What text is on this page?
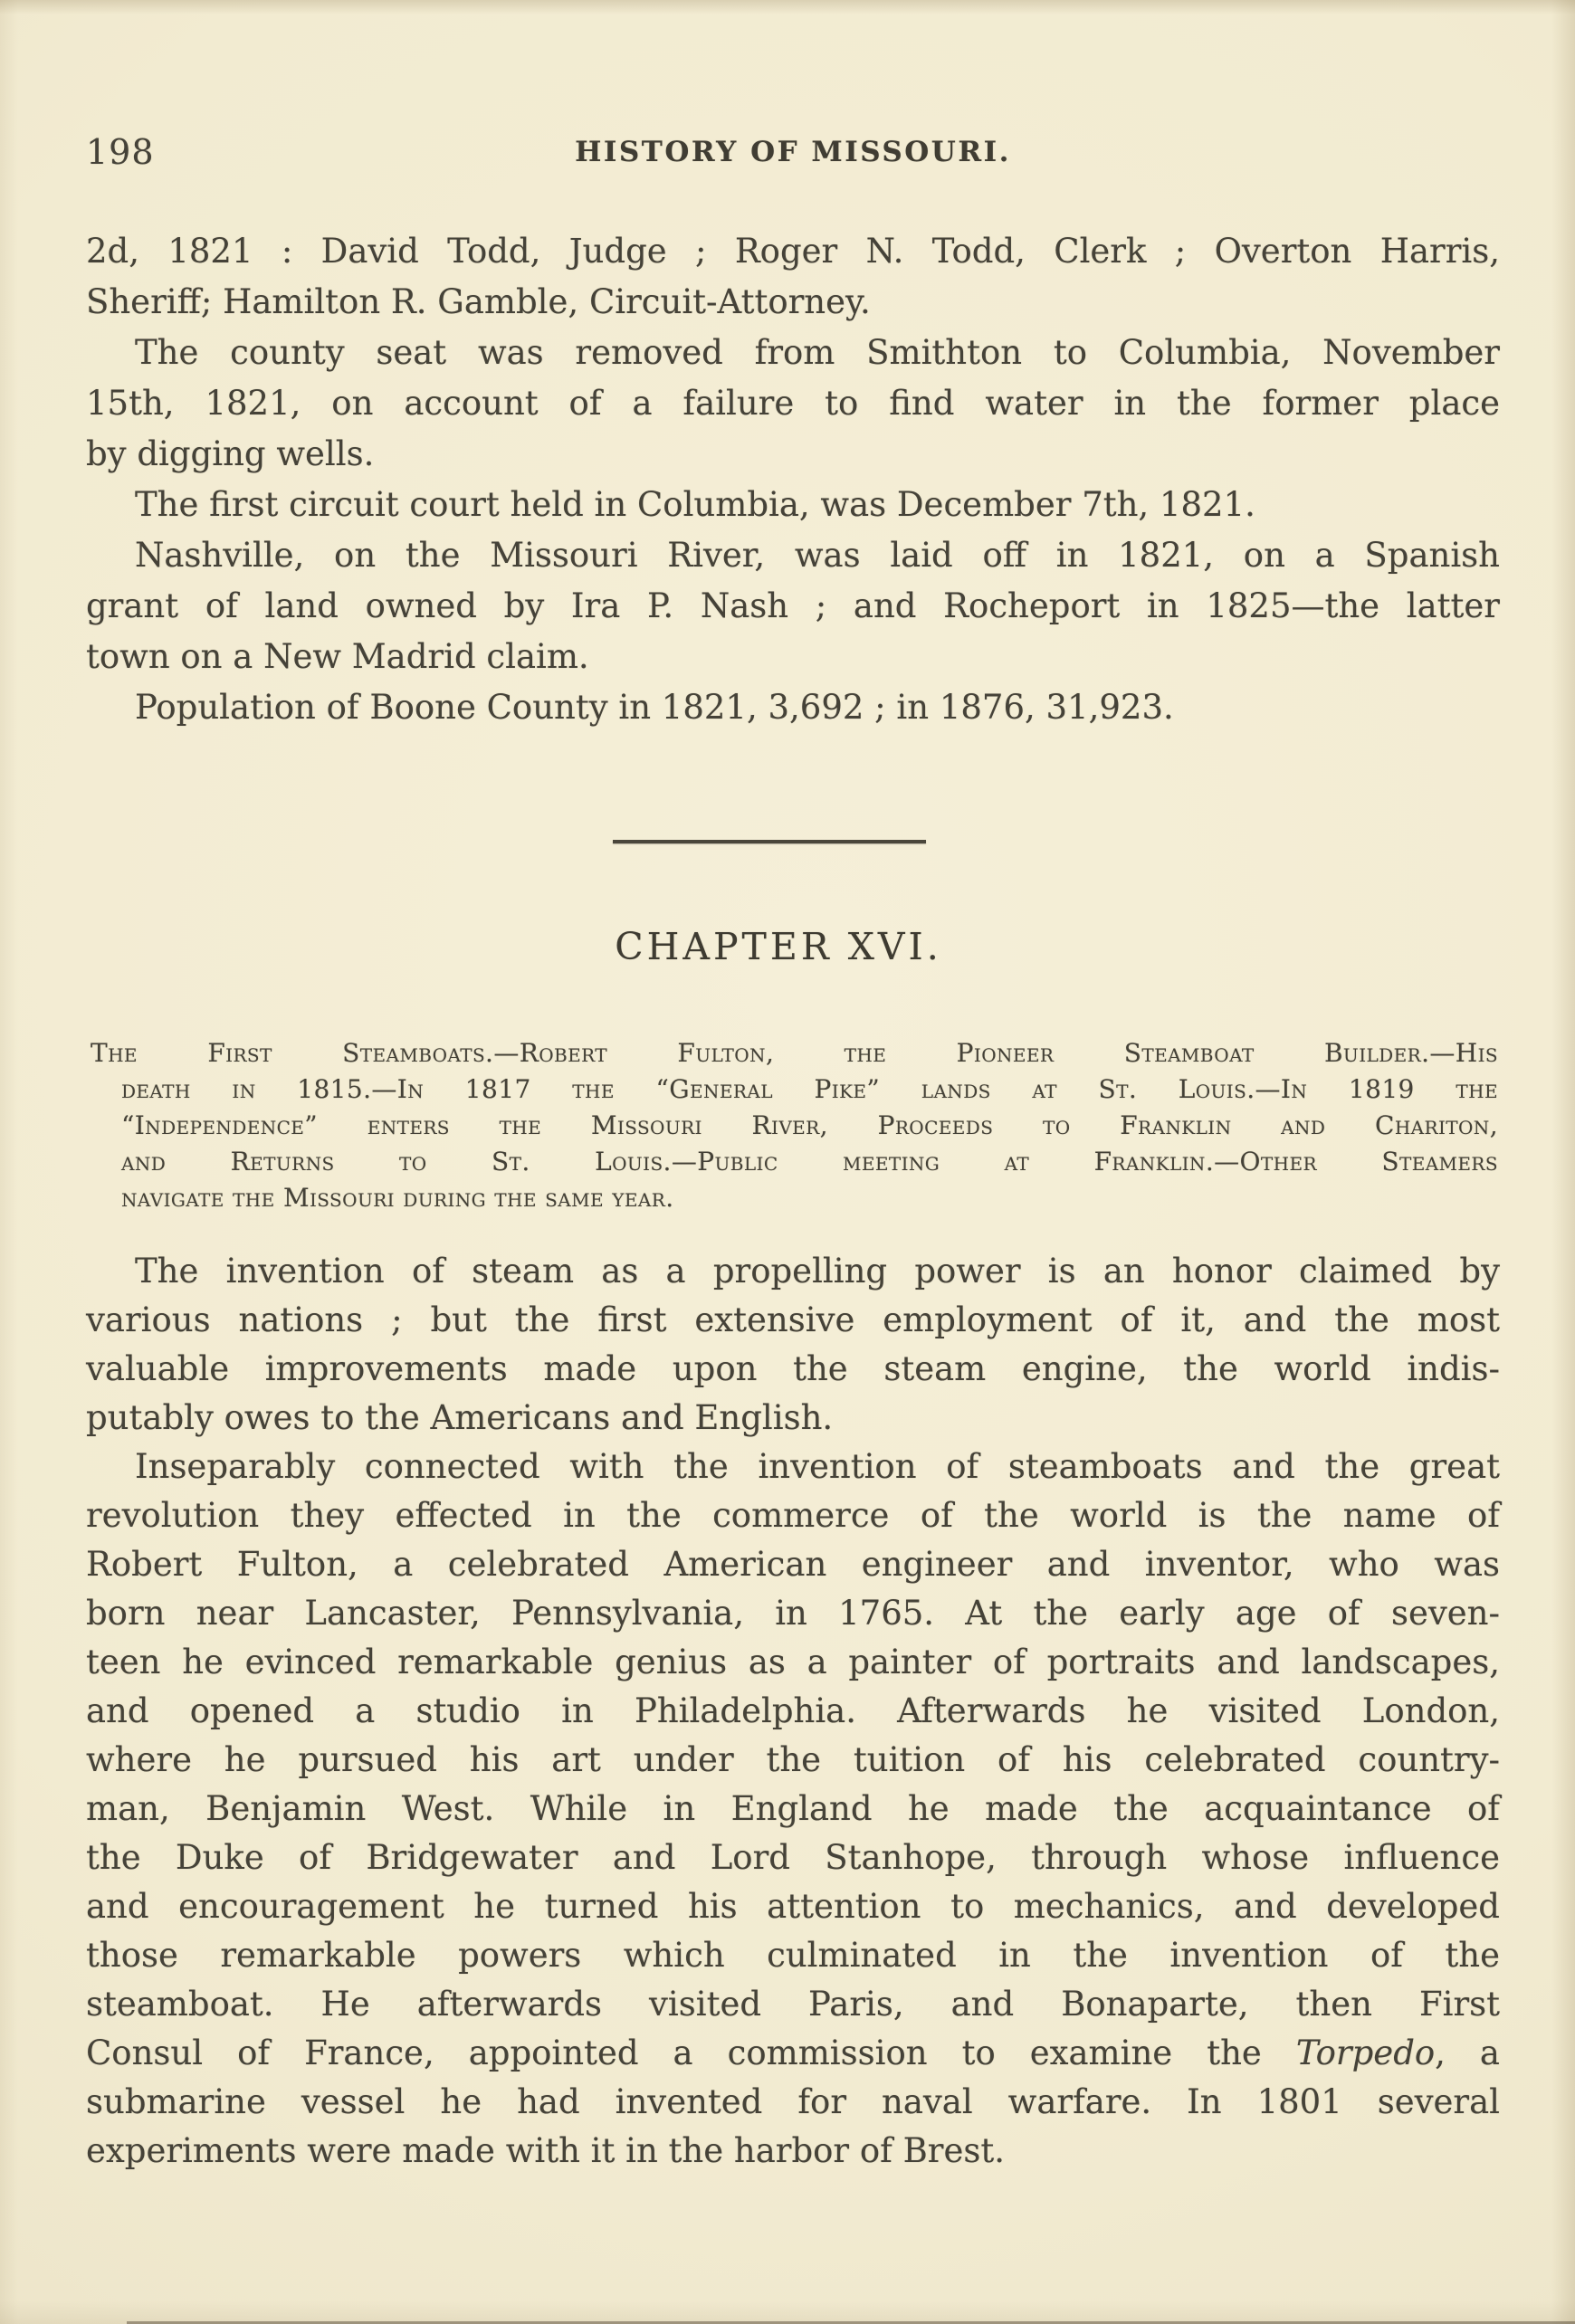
198	HISTORY OF MISSOURI.
2d, 1821 : David Todd, Judge ; Roger N. Todd, Clerk ; Overton Harris,
Sheriff; Hamilton R. Gamble, Circuit-Attorney.
The county seat was removed from Smithton to Columbia, November
15th, 1821, on account of a failure to find water in the former place
by digging wells.
The first circuit court held in Columbia, was December 7th, 1821.
Nashville, on the Missouri River, was laid off in 1821, on a Spanish
grant of land owned by Ira P. Nash ; and Rocheport in 1825—the latter
town on a New Madrid claim.
Population of Boone County in 1821, 3,692 ; in 1876, 31,923.
CHAPTER XVI.
The First Steamboats.—Robert Fulton, the Pioneer Steamboat Builder.—His
death in 1815.—In 1817 the “General Pike” lands at St. Louis.—In 1819 the
“Independence” enters the Missouri River, Proceeds to Franklin and Chariton,
and Returns to St. Louis.—Public meeting at Franklin.—Other Steamers
navigate the Missouri during the same year.
The invention of steam as a propelling power is an honor claimed by
various nations ; but the first extensive employment of it, and the most
valuable improvements made upon the steam engine, the world indis-
putably owes to the Americans and English.
Inseparably connected with the invention of steamboats and the great
revolution they effected in the commerce of the world is the name of
Robert Fulton, a celebrated American engineer and inventor, who was
born near Lancaster, Pennsylvania, in 1765. At the early age of seven-
teen he evinced remarkable genius as a painter of portraits and landscapes,
and opened a studio in Philadelphia. Afterwards he visited London,
where he pursued his art under the tuition of his celebrated country-
man, Benjamin West. While in England he made the acquaintance of
the Duke of Bridgewater and Lord Stanhope, through whose influence
and encouragement he turned his attention to mechanics, and developed
those remarkable powers which culminated in the invention of the
steamboat. He afterwards visited Paris, and Bonaparte, then First
Consul of France, appointed a commission to examine the Torpedo, a
submarine vessel he had invented for naval warfare. In 1801 several
experiments were made with it in the harbor of Brest.
